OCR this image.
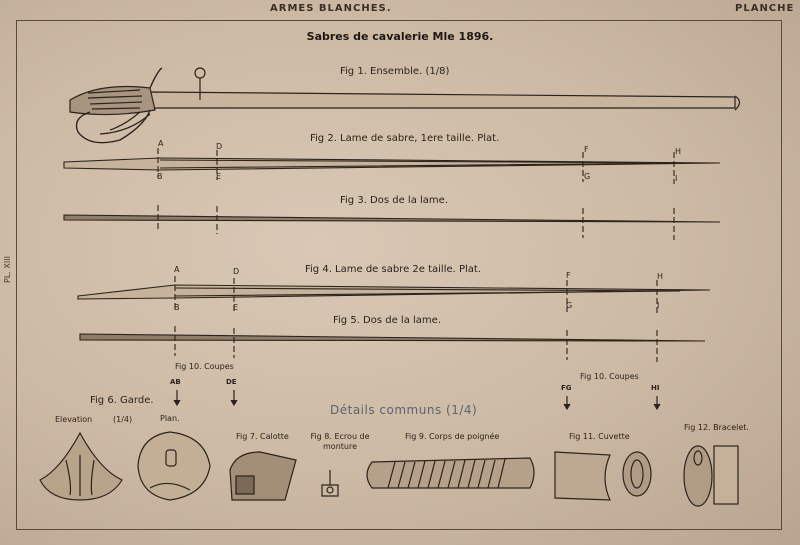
ARMES BLANCHES.	PLANCHE
PL. XIII
Sabres de cavalerie Mle 1896.
Fig 1. Ensemble. (1/8)
Fig 2. Lame de sabre, 1ere taille. Plat.
Fig 3. Dos de la lame.
Fig 4. Lame de sabre 2e taille. Plat.
Fig 5. Dos de la lame.
Fig 10. Coupes
Fig 10. Coupes
AB	DE
FG	HI
Fig 6. Garde.
Détails communs (1/4)
Elevation	(1/4)	Plan.
Fig 7. Calotte	Fig 8. Ecrou de monture
Fig 9. Corps de poignée	Fig 11. Cuvette
Fig 12. Bracelet.
A	D	F	H
B	E	G	I
A	D	F	H
B	E	G	I
